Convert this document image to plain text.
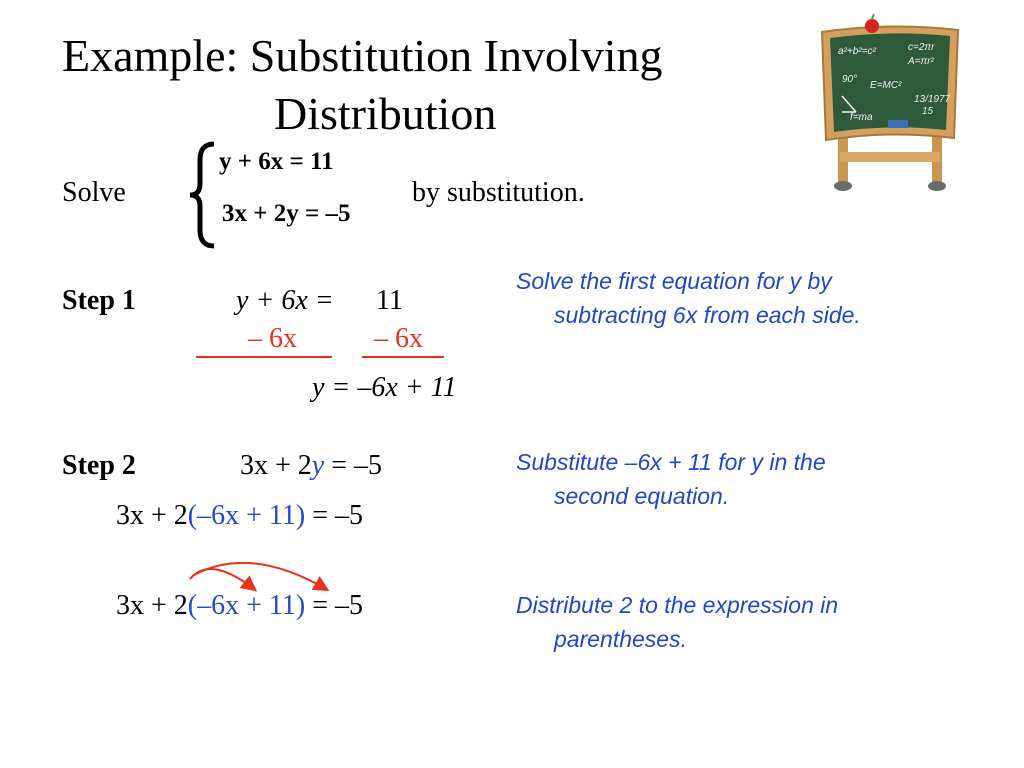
Example: Substitution Involving
Distribution
a²+b²=c²	c=2πr
A=πr²
90°
E=MC²
13/1977
f=ma
15
Solve
y + 6x = 11
3x + 2y = –5
by substitution.
Step 1	y + 6x = 11
– 6x	– 6x
y = –6x + 11
Solve the first equation for y by
subtracting 6x from each side.
Step 2	3x + 2y = –5
3x + 2(–6x + 11) = –5
Substitute –6x + 11 for y in the
second equation.
3x + 2(–6x + 11) = –5	Distribute 2 to the expression in
parentheses.
